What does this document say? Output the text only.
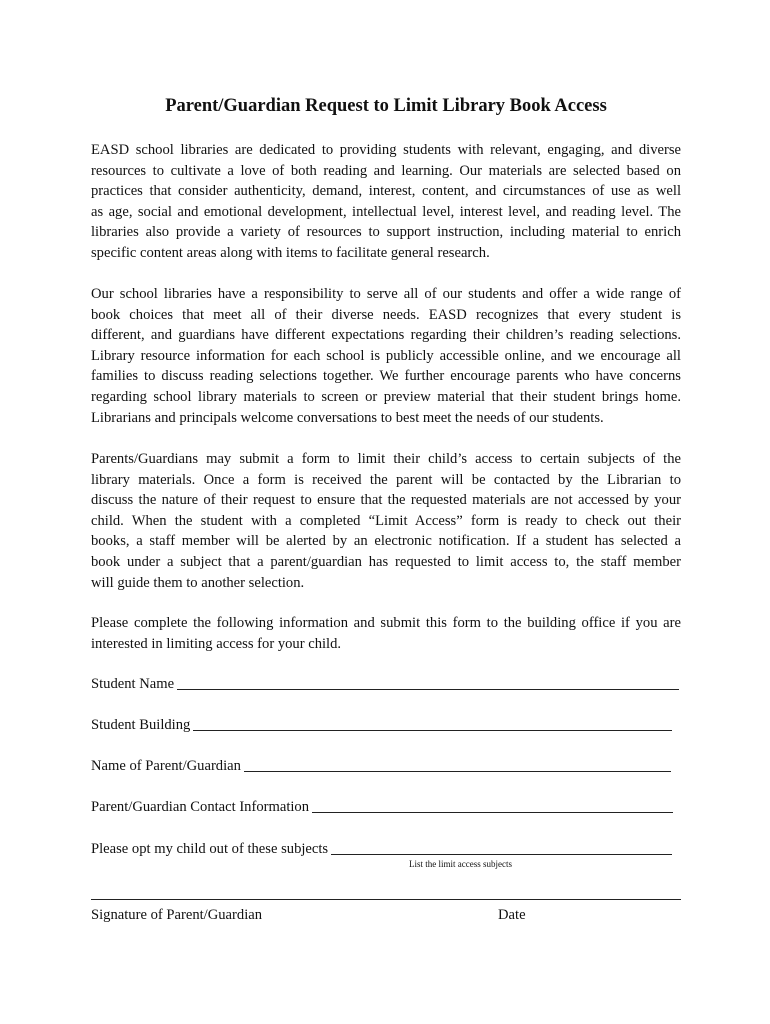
Parent/Guardian Request to Limit Library Book Access

EASD school libraries are dedicated to providing students with relevant, engaging, and diverse
resources to cultivate a love of both reading and learning. Our materials are selected based on
practices that consider authenticity, demand, interest, content, and circumstances of use as well
as age, social and emotional development, intellectual level, interest level, and reading level. The
libraries also provide a variety of resources to support instruction, including material to enrich
specific content areas along with items to facilitate general research.

Our school libraries have a responsibility to serve all of our students and offer a wide range of
book choices that meet all of their diverse needs. EASD recognizes that every student is
different, and guardians have different expectations regarding their children’s reading selections.
Library resource information for each school is publicly accessible online, and we encourage all
families to discuss reading selections together. We further encourage parents who have concerns
regarding school library materials to screen or preview material that their student brings home.
Librarians and principals welcome conversations to best meet the needs of our students.

Parents/Guardians may submit a form to limit their child’s access to certain subjects of the
library materials. Once a form is received the parent will be contacted by the Librarian to
discuss the nature of their request to ensure that the requested materials are not accessed by your
child. When the student with a completed “Limit Access” form is ready to check out their
books, a staff member will be alerted by an electronic notification. If a student has selected a
book under a subject that a parent/guardian has requested to limit access to, the staff member
will guide them to another selection.

Please complete the following information and submit this form to the building office if you are
interested in limiting access for your child.

Student Name
Student Building
Name of Parent/Guardian
Parent/Guardian Contact Information
Please opt my child out of these subjects
List the limit access subjects
Signature of Parent/Guardian	Date
